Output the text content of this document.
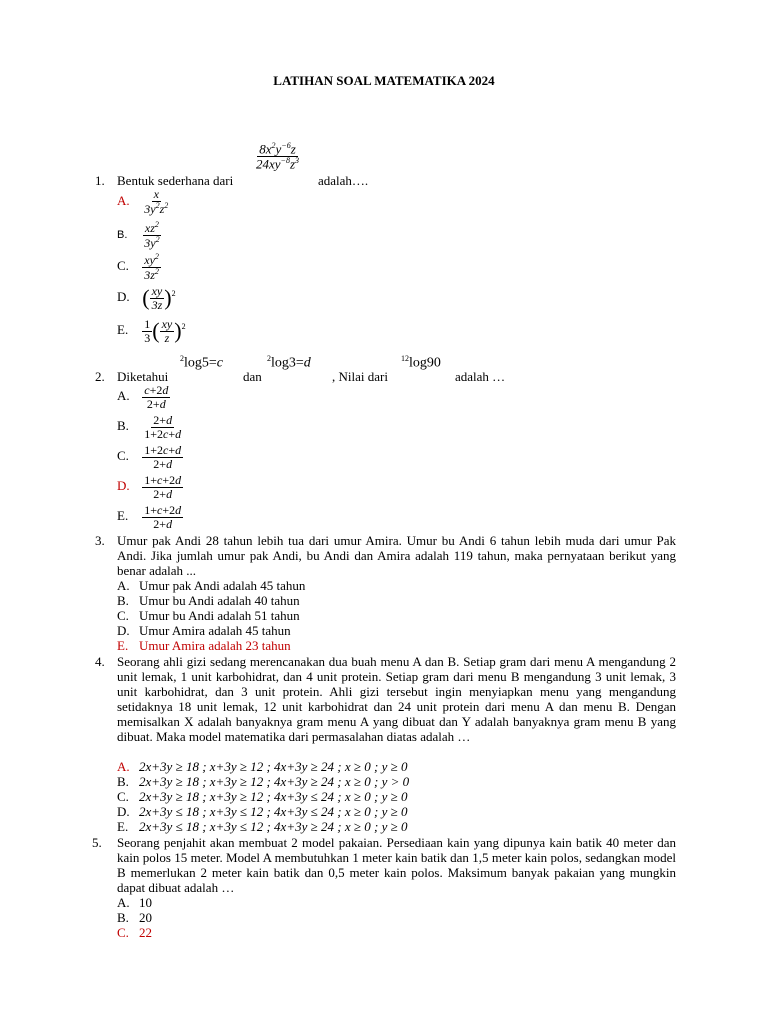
LATIHAN SOAL MATEMATIKA 2024
$\frac{8x^2y^{-6}z}{24xy^{-8}z^3}$
1. Bentuk sederhana dari	adalah….
A. $\frac{x}{3y^2z^2}$
B. $\frac{xz^2}{3y^2}$
C. $\frac{xy^2}{3z^2}$
D. ( $\frac{xy}{3z} )^2$
E. $\frac{1}{3}$ ( $\frac{xy}{z} )^2$
$^2$log5=c	$^2$log3=d	$^{12}$log90
2. Diketahui	dan	, Nilai dari	adalah …
A. $\frac{c+2d}{2+d}$
B. $\frac{2+d}{1+2c+d}$
C. $\frac{1+2c+d}{2+d}$
D. $\frac{1+c+2d}{2+d}$
E. $\frac{1+c+2d}{2+d}$
3. Umur pak Andi 28 tahun lebih tua dari umur Amira. Umur bu Andi 6 tahun lebih muda dari umur Pak Andi. Jika jumlah umur pak Andi, bu Andi dan Amira adalah 119 tahun, maka pernyataan berikut yang benar adalah ...
A. Umur pak Andi adalah 45 tahun
B. Umur bu Andi adalah 40 tahun
C. Umur bu Andi adalah 51 tahun
D. Umur Amira adalah 45 tahun
E. Umur Amira adalah 23 tahun
4. Seorang ahli gizi sedang merencanakan dua buah menu A dan B. Setiap gram dari menu A mengandung 2 unit lemak, 1 unit karbohidrat, dan 4 unit protein. Setiap gram dari menu B mengandung 3 unit lemak, 3 unit karbohidrat, dan 3 unit protein. Ahli gizi tersebut ingin menyiapkan menu yang mengandung setidaknya 18 unit lemak, 12 unit karbohidrat dan 24 unit protein dari menu A dan menu B. Dengan memisalkan X adalah banyaknya gram menu A yang dibuat dan Y adalah banyaknya gram menu B yang dibuat. Maka model matematika dari permasalahan diatas adalah …
A. 2x+3y ≥ 18 ; x+3y ≥ 12 ; 4x+3y ≥ 24 ; x ≥ 0 ; y ≥ 0
B. 2x+3y ≥ 18 ; x+3y ≥ 12 ; 4x+3y ≥ 24 ; x ≥ 0 ; y > 0
C. 2x+3y ≥ 18 ; x+3y ≥ 12 ; 4x+3y ≤ 24 ; x ≥ 0 ; y ≥ 0
D. 2x+3y ≤ 18 ; x+3y ≤ 12 ; 4x+3y ≤ 24 ; x ≥ 0 ; y ≥ 0
E. 2x+3y ≤ 18 ; x+3y ≤ 12 ; 4x+3y ≥ 24 ; x ≥ 0 ; y ≥ 0
5. Seorang penjahit akan membuat 2 model pakaian. Persediaan kain yang dipunya kain batik 40 meter dan kain polos 15 meter. Model A membutuhkan 1 meter kain batik dan 1,5 meter kain polos, sedangkan model B memerlukan 2 meter kain batik dan 0,5 meter kain polos. Maksimum banyak pakaian yang mungkin dapat dibuat adalah …
A. 10
B. 20
C. 22
